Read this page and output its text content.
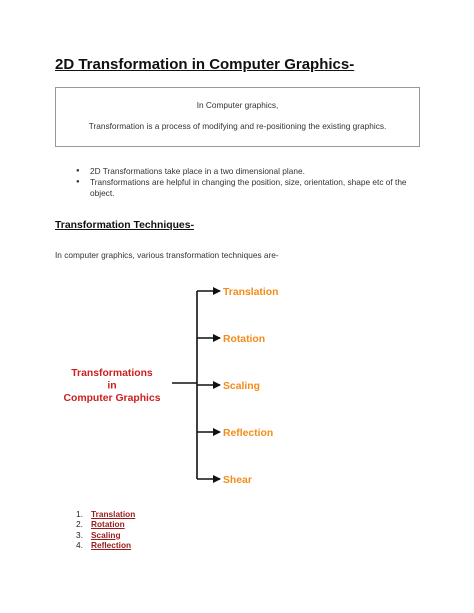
2D Transformation in Computer Graphics-

In Computer graphics,

Transformation is a process of modifying and re-positioning the existing graphics.

● 2D Transformations take place in a two dimensional plane.
● Transformations are helpful in changing the position, size, orientation, shape etc of the object.
Transformation Techniques-

In computer graphics, various transformation techniques are-

Transformations
in
Computer Graphics
Translation
Rotation
Scaling
Reflection
Shear
1. Translation
2. Rotation
3. Scaling
4. Reflection
